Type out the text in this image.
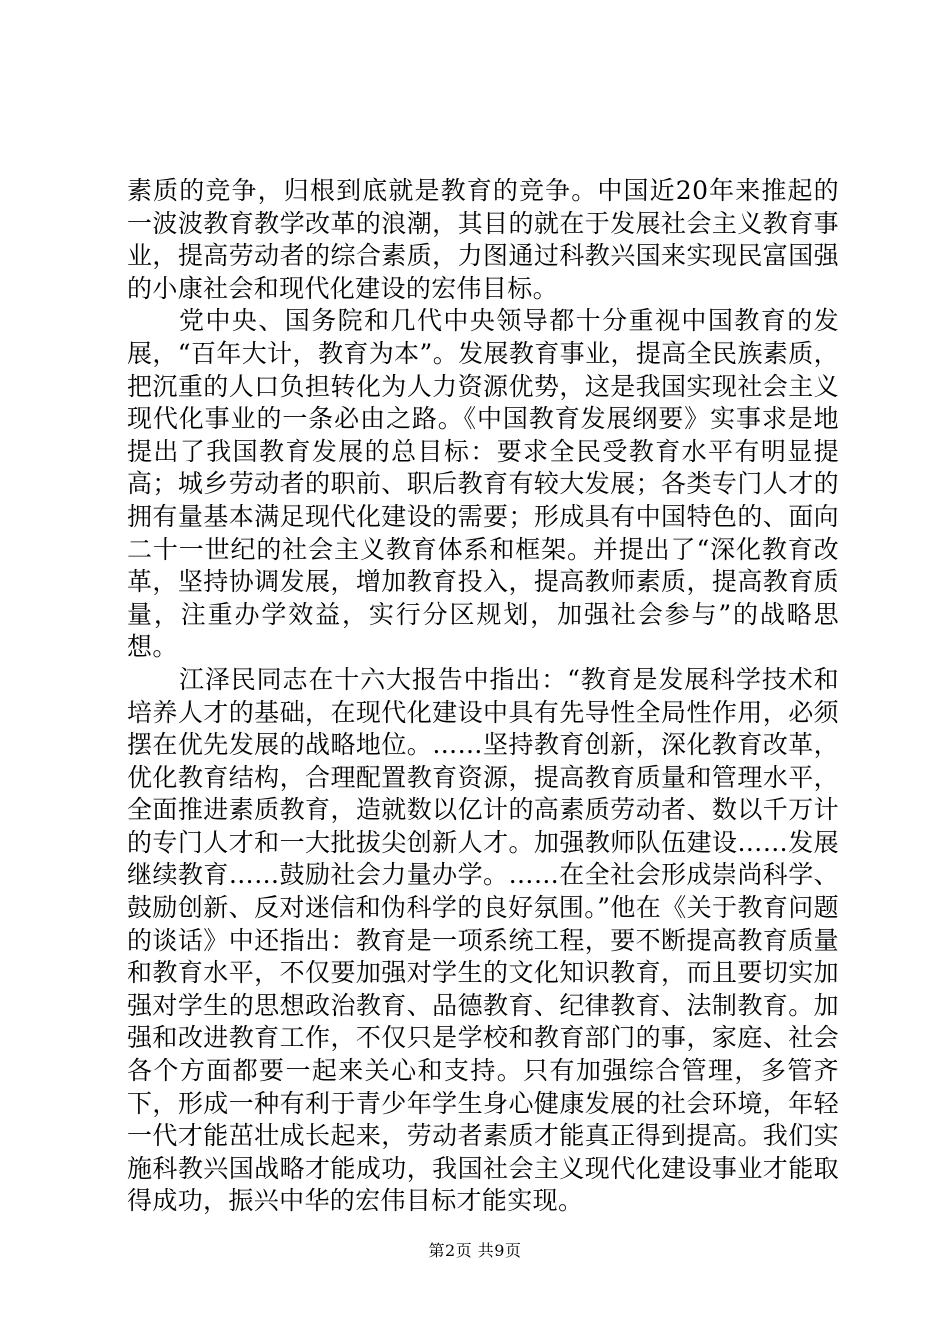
素质的竞争，归根到底就是教育的竞争。中国近20年来推起的一波波教育教学改革的浪潮，其目的就在于发展社会主义教育事业，提高劳动者的综合素质，力图通过科教兴国来实现民富国强的小康社会和现代化建设的宏伟目标。

党中央、国务院和几代中央领导都十分重视中国教育的发展，“百年大计，教育为本”。发展教育事业，提高全民族素质，把沉重的人口负担转化为人力资源优势，这是我国实现社会主义现代化事业的一条必由之路。《中国教育发展纲要》实事求是地提出了我国教育发展的总目标：要求全民受教育水平有明显提高；城乡劳动者的职前、职后教育有较大发展；各类专门人才的拥有量基本满足现代化建设的需要；形成具有中国特色的、面向二十一世纪的社会主义教育体系和框架。并提出了“深化教育改革，坚持协调发展，增加教育投入，提高教师素质，提高教育质量，注重办学效益，实行分区规划，加强社会参与”的战略思想。

江泽民同志在十六大报告中指出：“教育是发展科学技术和培养人才的基础，在现代化建设中具有先导性全局性作用，必须摆在优先发展的战略地位。……坚持教育创新，深化教育改革，优化教育结构，合理配置教育资源，提高教育质量和管理水平，全面推进素质教育，造就数以亿计的高素质劳动者、数以千万计的专门人才和一大批拔尖创新人才。加强教师队伍建设……发展继续教育……鼓励社会力量办学。……在全社会形成崇尚科学、鼓励创新、反对迷信和伪科学的良好氛围。”他在《关于教育问题的谈话》中还指出：教育是一项系统工程，要不断提高教育质量和教育水平，不仅要加强对学生的文化知识教育，而且要切实加强对学生的思想政治教育、品德教育、纪律教育、法制教育。加强和改进教育工作，不仅只是学校和教育部门的事，家庭、社会各个方面都要一起来关心和支持。只有加强综合管理，多管齐下，形成一种有利于青少年学生身心健康发展的社会环境，年轻一代才能茁壮成长起来，劳动者素质才能真正得到提高。我们实施科教兴国战略才能成功，我国社会主义现代化建设事业才能取得成功，振兴中华的宏伟目标才能实现。

第2页 共9页
